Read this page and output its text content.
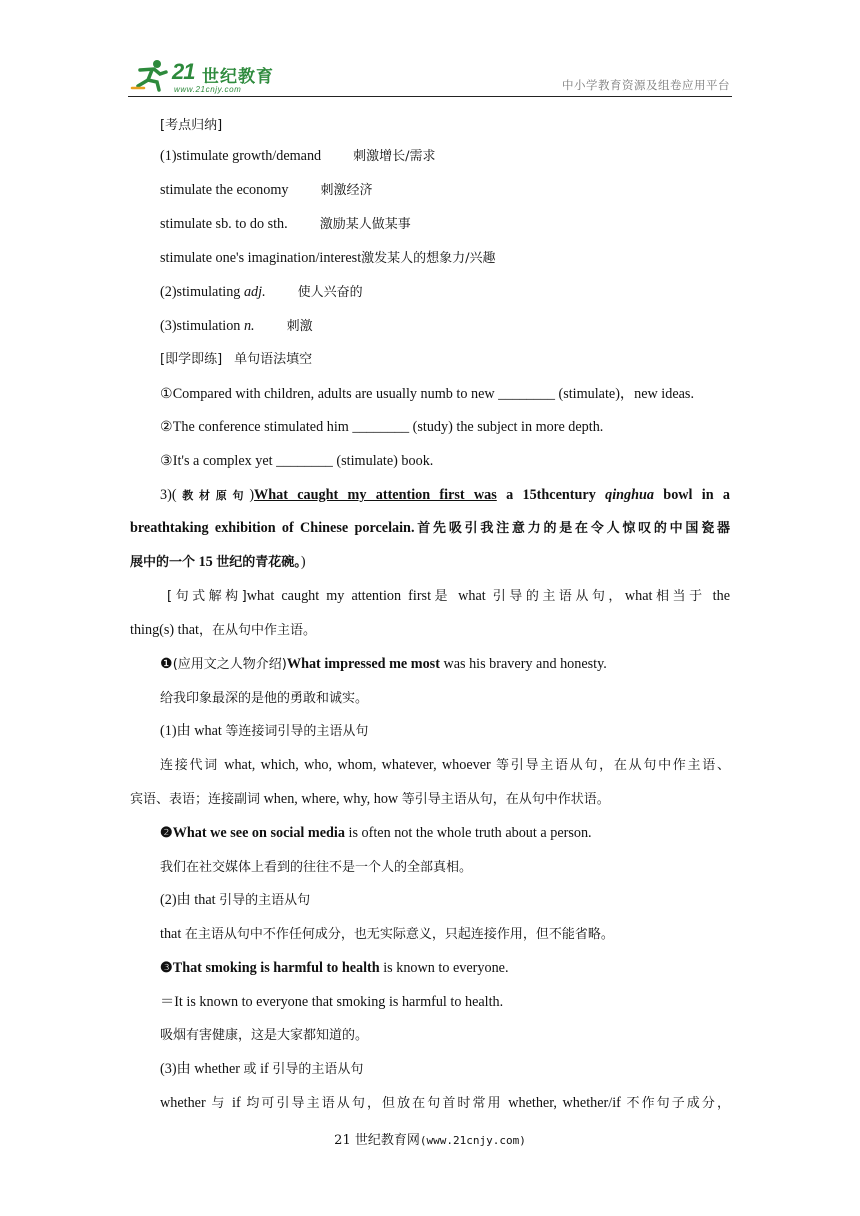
21 世纪教育
www.21cnjy.com	中小学教育资源及组卷应用平台
[考点归纳]
(1)stimulate growth/demand 刺激增长/需求
stimulate the economy 刺激经济
stimulate sb. to do sth. 激励某人做某事
stimulate one's imagination/interest激发某人的想象力/兴趣
(2)stimulating adj. 使人兴奋的
(3)stimulation n. 刺激
[即学即练] 单句语法填空
①Compared with children, adults are usually numb to new ________ (stimulate)，new ideas.
②The conference stimulated him ________ (study) the subject in more depth.
③It's a complex yet ________ (stimulate) book.
3)(教材原句)What caught my attention first was a 15thcentury qinghua bowl in a
breathtaking exhibition of Chinese porcelain.首先吸引我注意力的是在令人惊叹的中国瓷器
展中的一个 15 世纪的青花碗。)
[句式解构]what caught my attention first是 what 引导的主语从句，what相当于 the
thing(s) that，在从句中作主语。
❶(应用文之人物介绍)What impressed me most was his bravery and honesty.
给我印象最深的是他的勇敢和诚实。
(1)由 what 等连接词引导的主语从句
连接代词 what, which, who, whom, whatever, whoever 等引导主语从句，在从句中作主语、
宾语、表语；连接副词 when, where, why, how 等引导主语从句，在从句中作状语。
❷What we see on social media is often not the whole truth about a person.
我们在社交媒体上看到的往往不是一个人的全部真相。
(2)由 that 引导的主语从句
that 在主语从句中不作任何成分，也无实际意义，只起连接作用，但不能省略。
❸That smoking is harmful to health is known to everyone.
＝It is known to everyone that smoking is harmful to health.
吸烟有害健康，这是大家都知道的。
(3)由 whether 或 if 引导的主语从句
whether 与 if 均可引导主语从句，但放在句首时常用 whether, whether/if 不作句子成分，
21 世纪教育网(www.21cnjy.com)
